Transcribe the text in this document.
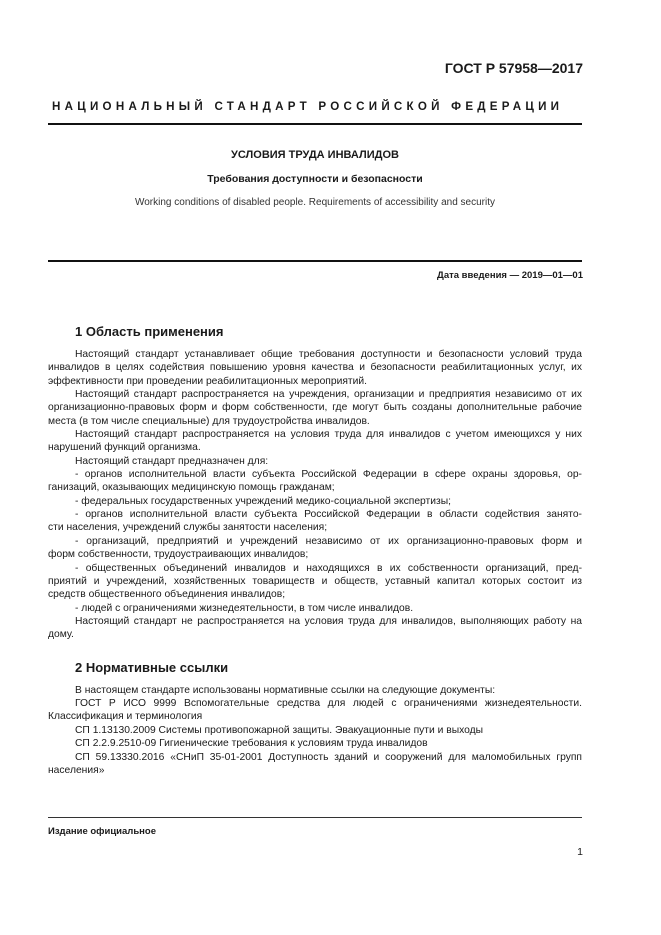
ГОСТ Р 57958—2017
НАЦИОНАЛЬНЫЙ СТАНДАРТ РОССИЙСКОЙ ФЕДЕРАЦИИ
УСЛОВИЯ ТРУДА ИНВАЛИДОВ
Требования доступности и безопасности
Working conditions of disabled people. Requirements of accessibility and security
Дата введения — 2019—01—01
1 Область применения
Настоящий стандарт устанавливает общие требования доступности и безопасности условий труда инвалидов в целях содействия повышению уровня качества и безопасности реабилитационных услуг, их эффективности при проведении реабилитационных мероприятий.
Настоящий стандарт распространяется на учреждения, организации и предприятия независимо от их организационно-правовых форм и форм собственности, где могут быть созданы дополнительные рабочие места (в том числе специальные) для трудоустройства инвалидов.
Настоящий стандарт распространяется на условия труда для инвалидов с учетом имеющихся у них нарушений функций организма.
Настоящий стандарт предназначен для:
- органов исполнительной власти субъекта Российской Федерации в сфере охраны здоровья, ор-
ганизаций, оказывающих медицинскую помощь гражданам;
- федеральных государственных учреждений медико-социальной экспертизы;
- органов исполнительной власти субъекта Российской Федерации в области содействия занято-
сти населения, учреждений службы занятости населения;
- организаций, предприятий и учреждений независимо от их организационно-правовых форм и
форм собственности, трудоустраивающих инвалидов;
- общественных объединений инвалидов и находящихся в их собственности организаций, пред-
приятий и учреждений, хозяйственных товариществ и обществ, уставный капитал которых состоит из
средств общественного объединения инвалидов;
- людей с ограничениями жизнедеятельности, в том числе инвалидов.
Настоящий стандарт не распространяется на условия труда для инвалидов, выполняющих работу на дому.
2 Нормативные ссылки
В настоящем стандарте использованы нормативные ссылки на следующие документы:
ГОСТ Р ИСО 9999 Вспомогательные средства для людей с ограничениями жизнедеятельности. Классификация и терминология
СП 1.13130.2009 Системы противопожарной защиты. Эвакуационные пути и выходы
СП 2.2.9.2510-09 Гигиенические требования к условиям труда инвалидов
СП 59.13330.2016 «СНиП 35-01-2001 Доступность зданий и сооружений для маломобильных групп населения»
Издание официальное
1
